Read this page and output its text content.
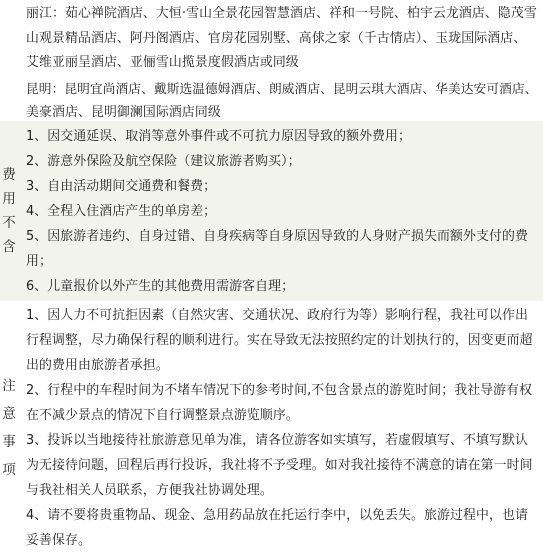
丽江：茹心禅院酒店、大恒·雪山全景花园智慧酒店、祥和一号院、柏宇云龙酒店、隐茂雪
山观景精品酒店、阿丹阁酒店、官房花园别墅、高俅之家（千古情店）、玉珑国际酒店、
艾维亚丽呈酒店、亚俪雪山揽景度假酒店或同级
昆明：昆明宜尚酒店、戴斯选温德姆酒店、朗威酒店、昆明云琪大酒店、华美达安可酒店、
美豪酒店、昆明御澜国际酒店同级
费
用
不
含
1、因交通延误、取消等意外事件或不可抗力原因导致的额外费用；
2、游意外保险及航空保险（建议旅游者购买）；
3、自由活动期间交通费和餐费；
4、全程入住酒店产生的单房差；
5、因旅游者违约、自身过错、自身疾病等自身原因导致的人身财产损失而额外支付的费
用；
6、儿童报价以外产生的其他费用需游客自理；
注
意
事
项
1、因人力不可抗拒因素（自然灾害、交通状况、政府行为等）影响行程，我社可以作出
行程调整，尽力确保行程的顺利进行。实在导致无法按照约定的计划执行的，因变更而超
出的费用由旅游者承担。
2、行程中的车程时间为不堵车情况下的参考时间,不包含景点的游览时间；我社导游有权
在不减少景点的情况下自行调整景点游览顺序。
3、投诉以当地接待社旅游意见单为准，请各位游客如实填写，若虚假填写、不填写默认
为无接待问题，回程后再行投诉，我社将不予受理。如对我社接待不满意的请在第一时间
与我社相关人员联系，方便我社协调处理。
4、请不要将贵重物品、现金、急用药品放在托运行李中，以免丢失。旅游过程中，也请
妥善保存。
